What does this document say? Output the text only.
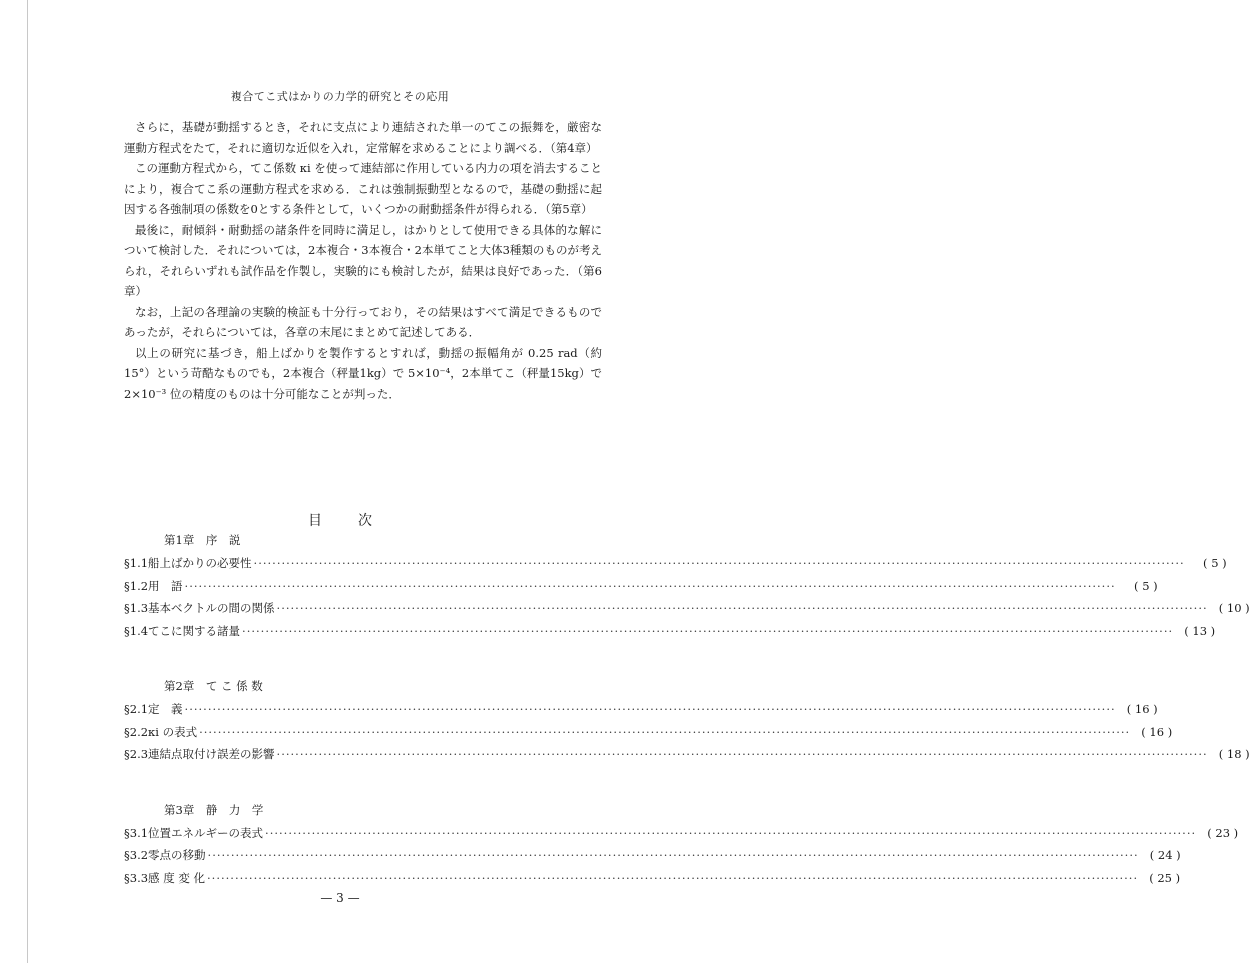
複合てこ式はかりの力学的研究とその応用

さらに，基礎が動揺するとき，それに支点により連結された単一のてこの振舞を，厳密な運動方程式をたて，それに適切な近似を入れ，定常解を求めることにより調べる．（第4章）

この運動方程式から，てこ係数 κi を使って連結部に作用している内力の項を消去することにより，複合てこ系の運動方程式を求める．これは強制振動型となるので，基礎の動揺に起因する各強制項の係数を0とする条件として，いくつかの耐動揺条件が得られる．（第5章）

最後に，耐傾斜・耐動揺の諸条件を同時に満足し，はかりとして使用できる具体的な解について検討した．それについては，2本複合・3本複合・2本単てこと大体3種類のものが考えられ，それらいずれも試作品を作製し，実験的にも検討したが，結果は良好であった．（第6章）

なお，上記の各理論の実験的検証も十分行っており，その結果はすべて満足できるものであったが，それらについては，各章の末尾にまとめて記述してある．

以上の研究に基づき，船上ばかりを製作するとすれば，動揺の振幅角が 0.25 rad（約15°）という苛酷なものでも，2本複合（秤量1kg）で 5×10⁻⁴，2本単てこ（秤量15kg）で 2×10⁻³ 位の精度のものは十分可能なことが判った．

目次
第1章　序　説
§ 1.1 船上ばかりの必要性 ········································································································································································································	( 5 )
§ 1.2 用　語 ········································································································································································································	( 5 )
§ 1.3 基本ベクトルの間の関係 ········································································································································································································ ( 10 )
§ 1.4 てこに関する諸量 ········································································································································································································ ( 13 )
第2章　て こ 係 数
§ 2.1 定　義 ········································································································································································································ ( 16 )
§ 2.2 κi の表式 ········································································································································································································ ( 16 )
§ 2.3 連結点取付け誤差の影響 ········································································································································································································ ( 18 )
第3章　静　力　学
§ 3.1 位置エネルギーの表式 ········································································································································································································ ( 23 )
§ 3.2 零点の移動 ········································································································································································································ ( 24 )
§ 3.3 感 度 変 化 ········································································································································································································ ( 25 )
— 3 —
